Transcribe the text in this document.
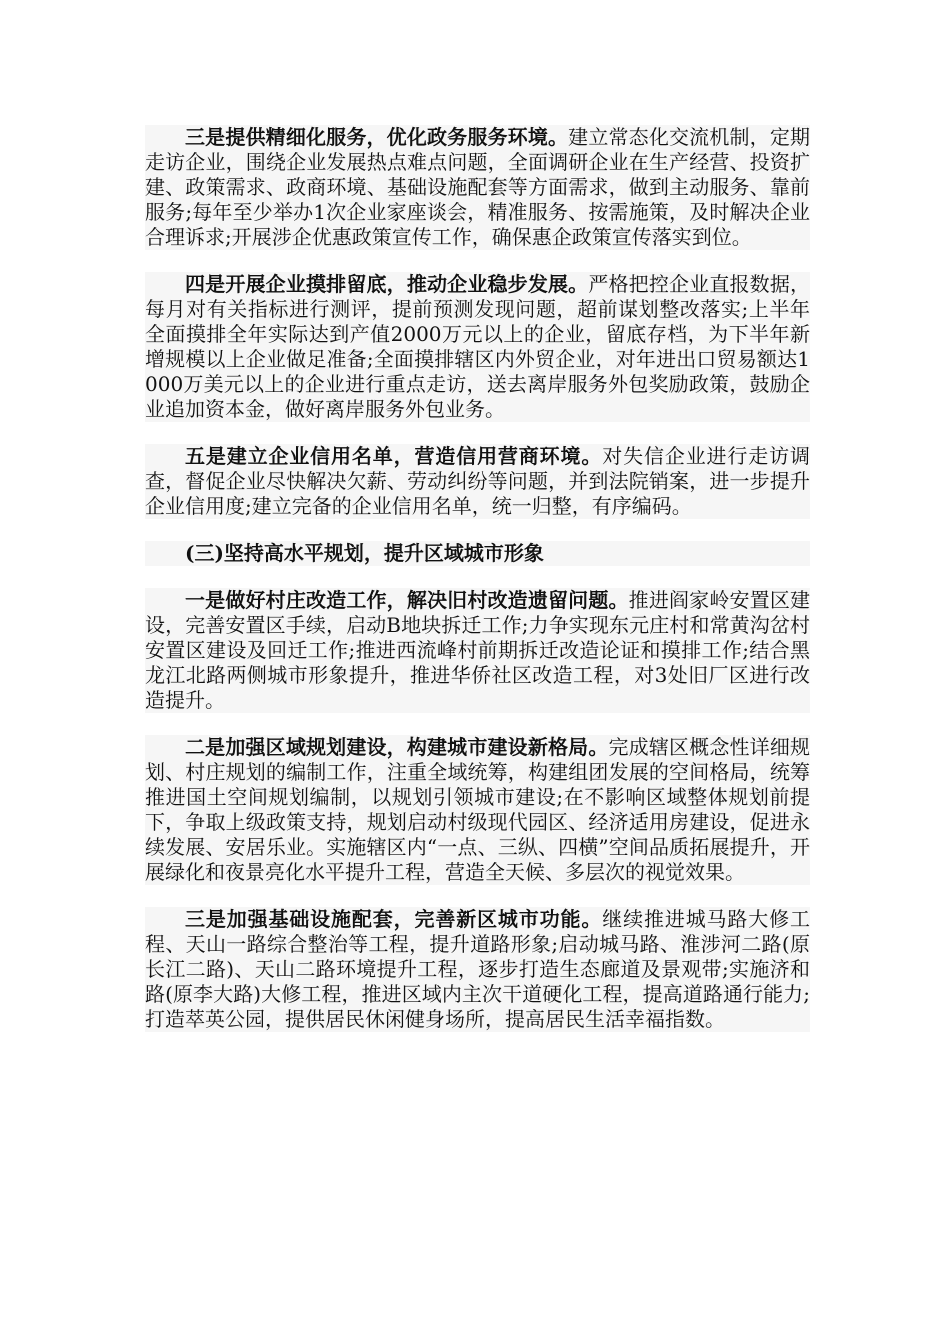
三是提供精细化服务，优化政务服务环境。建立常态化交流机制，定期走访企业，围绕企业发展热点难点问题，全面调研企业在生产经营、投资扩建、政策需求、政商环境、基础设施配套等方面需求，做到主动服务、靠前服务;每年至少举办1次企业家座谈会，精准服务、按需施策，及时解决企业合理诉求;开展涉企优惠政策宣传工作，确保惠企政策宣传落实到位。

四是开展企业摸排留底，推动企业稳步发展。严格把控企业直报数据，每月对有关指标进行测评，提前预测发现问题，超前谋划整改落实;上半年全面摸排全年实际达到产值2000万元以上的企业，留底存档，为下半年新增规模以上企业做足准备;全面摸排辖区内外贸企业，对年进出口贸易额达1000万美元以上的企业进行重点走访，送去离岸服务外包奖励政策，鼓励企业追加资本金，做好离岸服务外包业务。

五是建立企业信用名单，营造信用营商环境。对失信企业进行走访调查，督促企业尽快解决欠薪、劳动纠纷等问题，并到法院销案，进一步提升企业信用度;建立完备的企业信用名单，统一归整，有序编码。

(三)坚持高水平规划，提升区域城市形象

一是做好村庄改造工作，解决旧村改造遗留问题。推进阎家岭安置区建设，完善安置区手续，启动B地块拆迁工作;力争实现东元庄村和常黄沟岔村安置区建设及回迁工作;推进西流峰村前期拆迁改造论证和摸排工作;结合黑龙江北路两侧城市形象提升，推进华侨社区改造工程，对3处旧厂区进行改造提升。

二是加强区域规划建设，构建城市建设新格局。完成辖区概念性详细规划、村庄规划的编制工作，注重全域统筹，构建组团发展的空间格局，统筹推进国土空间规划编制，以规划引领城市建设;在不影响区域整体规划前提下，争取上级政策支持，规划启动村级现代园区、经济适用房建设，促进永续发展、安居乐业。实施辖区内“一点、三纵、四横”空间品质拓展提升，开展绿化和夜景亮化水平提升工程，营造全天候、多层次的视觉效果。

三是加强基础设施配套，完善新区城市功能。继续推进城马路大修工程、天山一路综合整治等工程，提升道路形象;启动城马路、淮涉河二路(原长江二路)、天山二路环境提升工程，逐步打造生态廊道及景观带;实施济和路(原李大路)大修工程，推进区域内主次干道硬化工程，提高道路通行能力;打造萃英公园，提供居民休闲健身场所，提高居民生活幸福指数。
